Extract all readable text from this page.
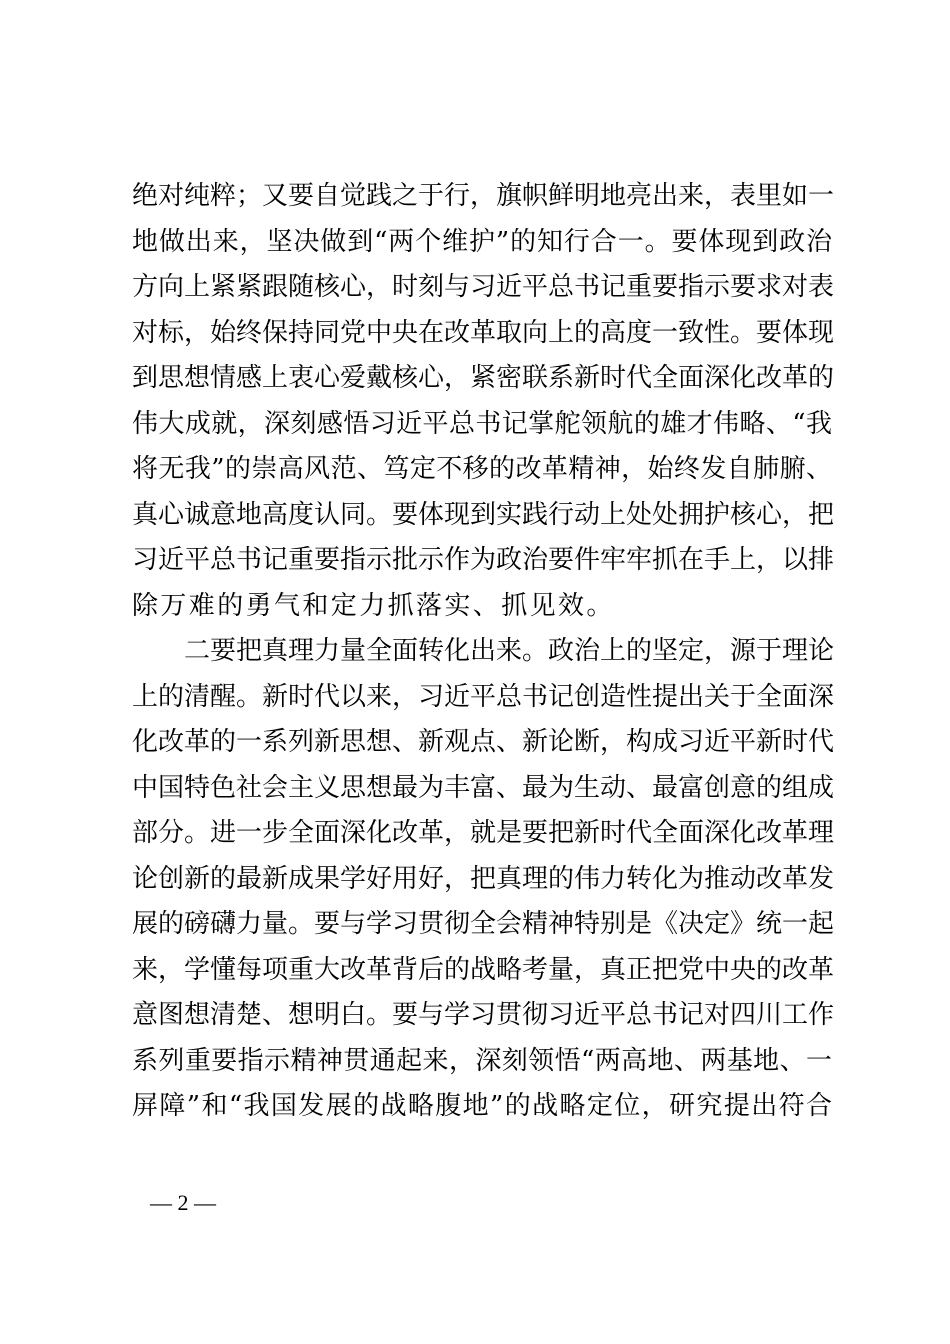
绝对纯粹；又要自觉践之于行，旗帜鲜明地亮出来，表里如一
地做出来，坚决做到“两个维护”的知行合一。要体现到政治
方向上紧紧跟随核心，时刻与习近平总书记重要指示要求对表
对标，始终保持同党中央在改革取向上的高度一致性。要体现
到思想情感上衷心爱戴核心，紧密联系新时代全面深化改革的
伟大成就，深刻感悟习近平总书记掌舵领航的雄才伟略、“我
将无我”的崇高风范、笃定不移的改革精神，始终发自肺腑、
真心诚意地高度认同。要体现到实践行动上处处拥护核心，把
习近平总书记重要指示批示作为政治要件牢牢抓在手上，以排
除万难的勇气和定力抓落实、抓见效。
　　二要把真理力量全面转化出来。政治上的坚定，源于理论
上的清醒。新时代以来，习近平总书记创造性提出关于全面深
化改革的一系列新思想、新观点、新论断，构成习近平新时代
中国特色社会主义思想最为丰富、最为生动、最富创意的组成
部分。进一步全面深化改革，就是要把新时代全面深化改革理
论创新的最新成果学好用好，把真理的伟力转化为推动改革发
展的磅礴力量。要与学习贯彻全会精神特别是《决定》统一起
来，学懂每项重大改革背后的战略考量，真正把党中央的改革
意图想清楚、想明白。要与学习贯彻习近平总书记对四川工作
系列重要指示精神贯通起来，深刻领悟“两高地、两基地、一
屏障”和“我国发展的战略腹地”的战略定位，研究提出符合
— 2 —
